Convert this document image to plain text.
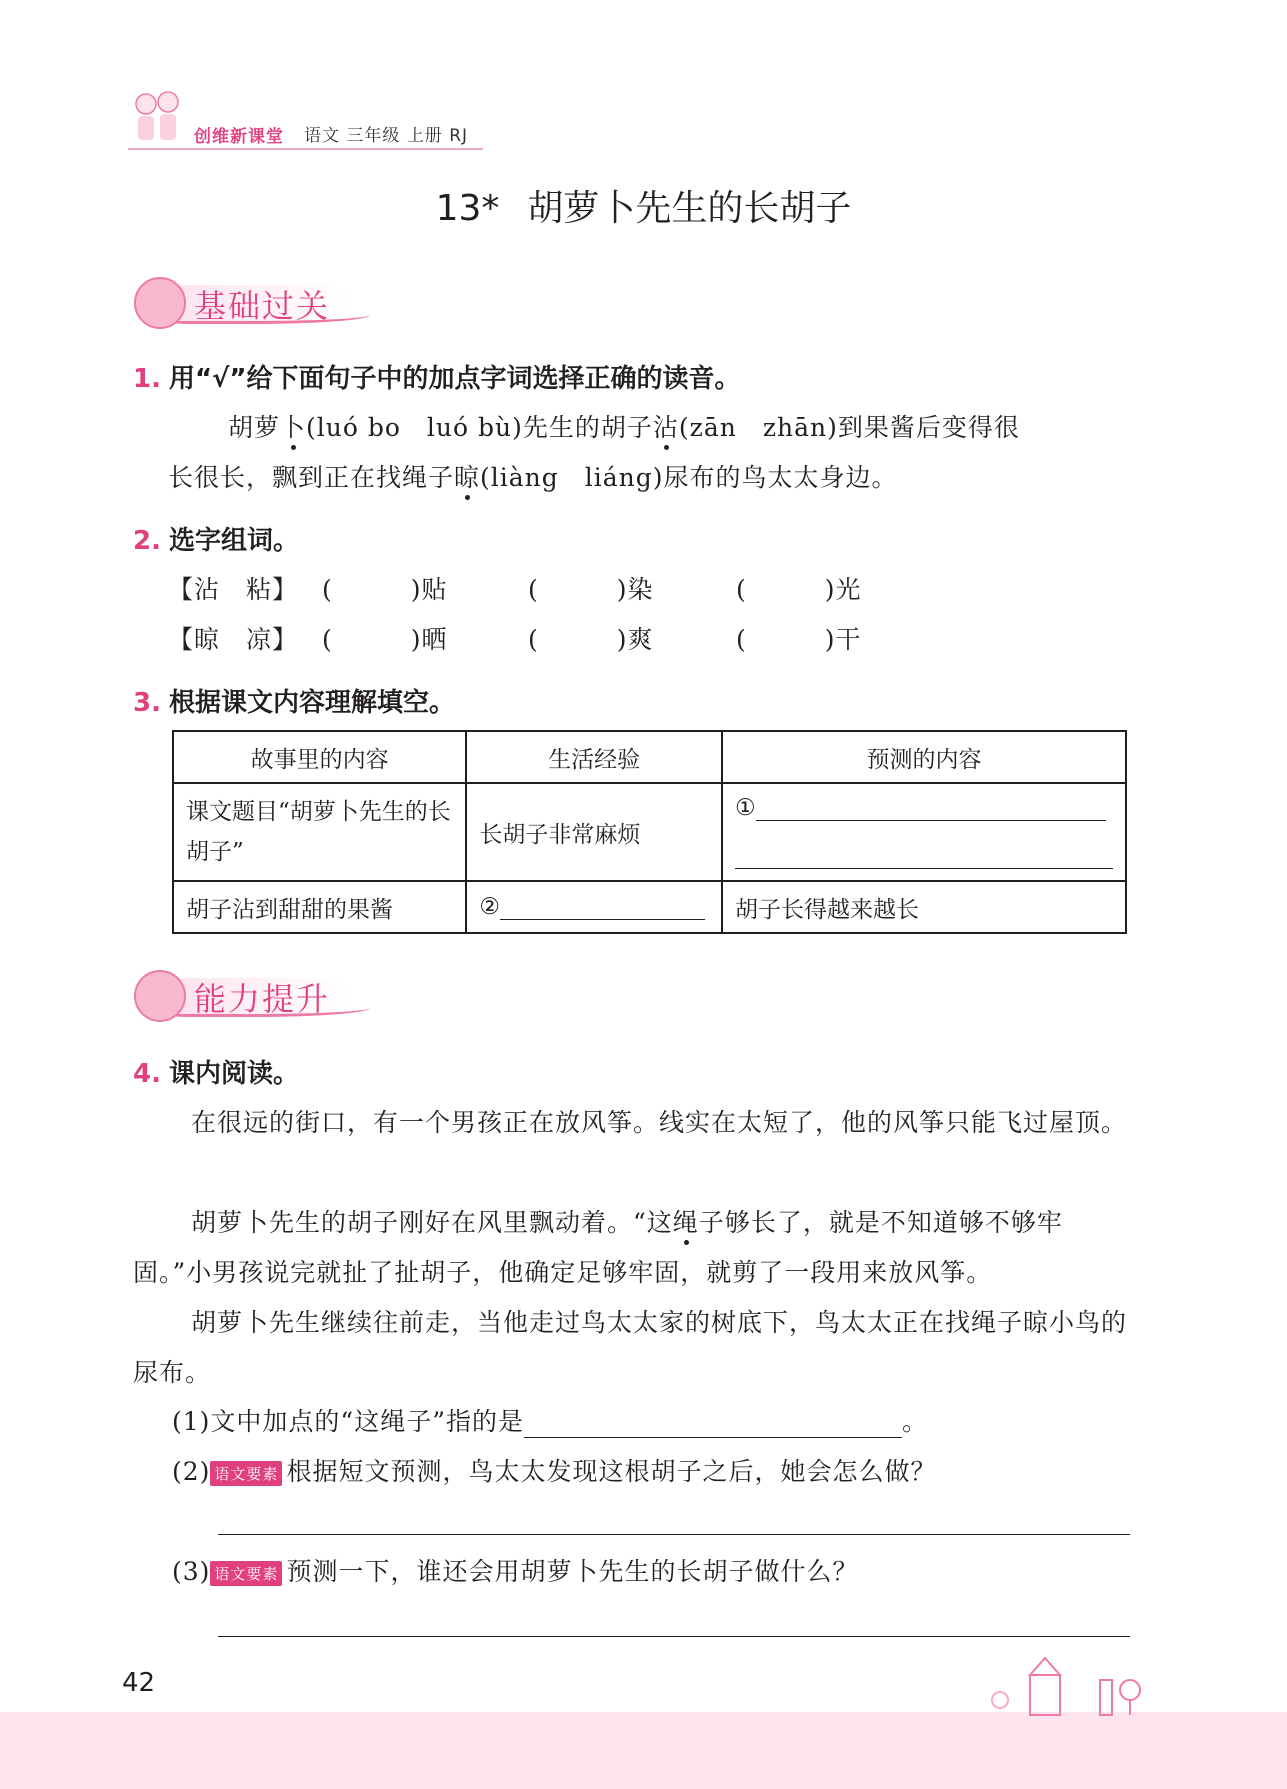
创维新课堂 语文 三年级 上册 RJ
13* 胡萝卜先生的长胡子
基础过关
1. 用“√”给下面句子中的加点字词选择正确的读音。
胡萝卜(luó bo　luó bù)先生的胡子沾(zān　zhān)到果酱后变得很
长很长，飘到正在找绳子晾(liàng　liáng)尿布的鸟太太身边。
2. 选字组词。
【沾　粘】 (　　　)贴	(　　　)染	(　　　)光
【晾　凉】 (　　　)晒	(　　　)爽	(　　　)干
3. 根据课文内容理解填空。
故事里的内容	生活经验	预测的内容
课文题目“胡萝卜先生的长胡子”	长胡子非常麻烦	①

胡子沾到甜甜的果酱	②	胡子长得越来越长
能力提升
4. 课内阅读。
在很远的街口，有一个男孩正在放风筝。线实在太短了，他的风筝只能飞过屋顶。
胡萝卜先生的胡子刚好在风里飘动着。“这绳子够长了，就是不知道够不够牢固。”小男孩说完就扯了扯胡子，他确定足够牢固，就剪了一段用来放风筝。
胡萝卜先生继续往前走，当他走过鸟太太家的树底下，鸟太太正在找绳子晾小鸟的尿布。
(1)文中加点的“这绳子”指的是	。
(2) 语文要素 根据短文预测，鸟太太发现这根胡子之后，她会怎么做？
(3) 语文要素 预测一下，谁还会用胡萝卜先生的长胡子做什么？
42
